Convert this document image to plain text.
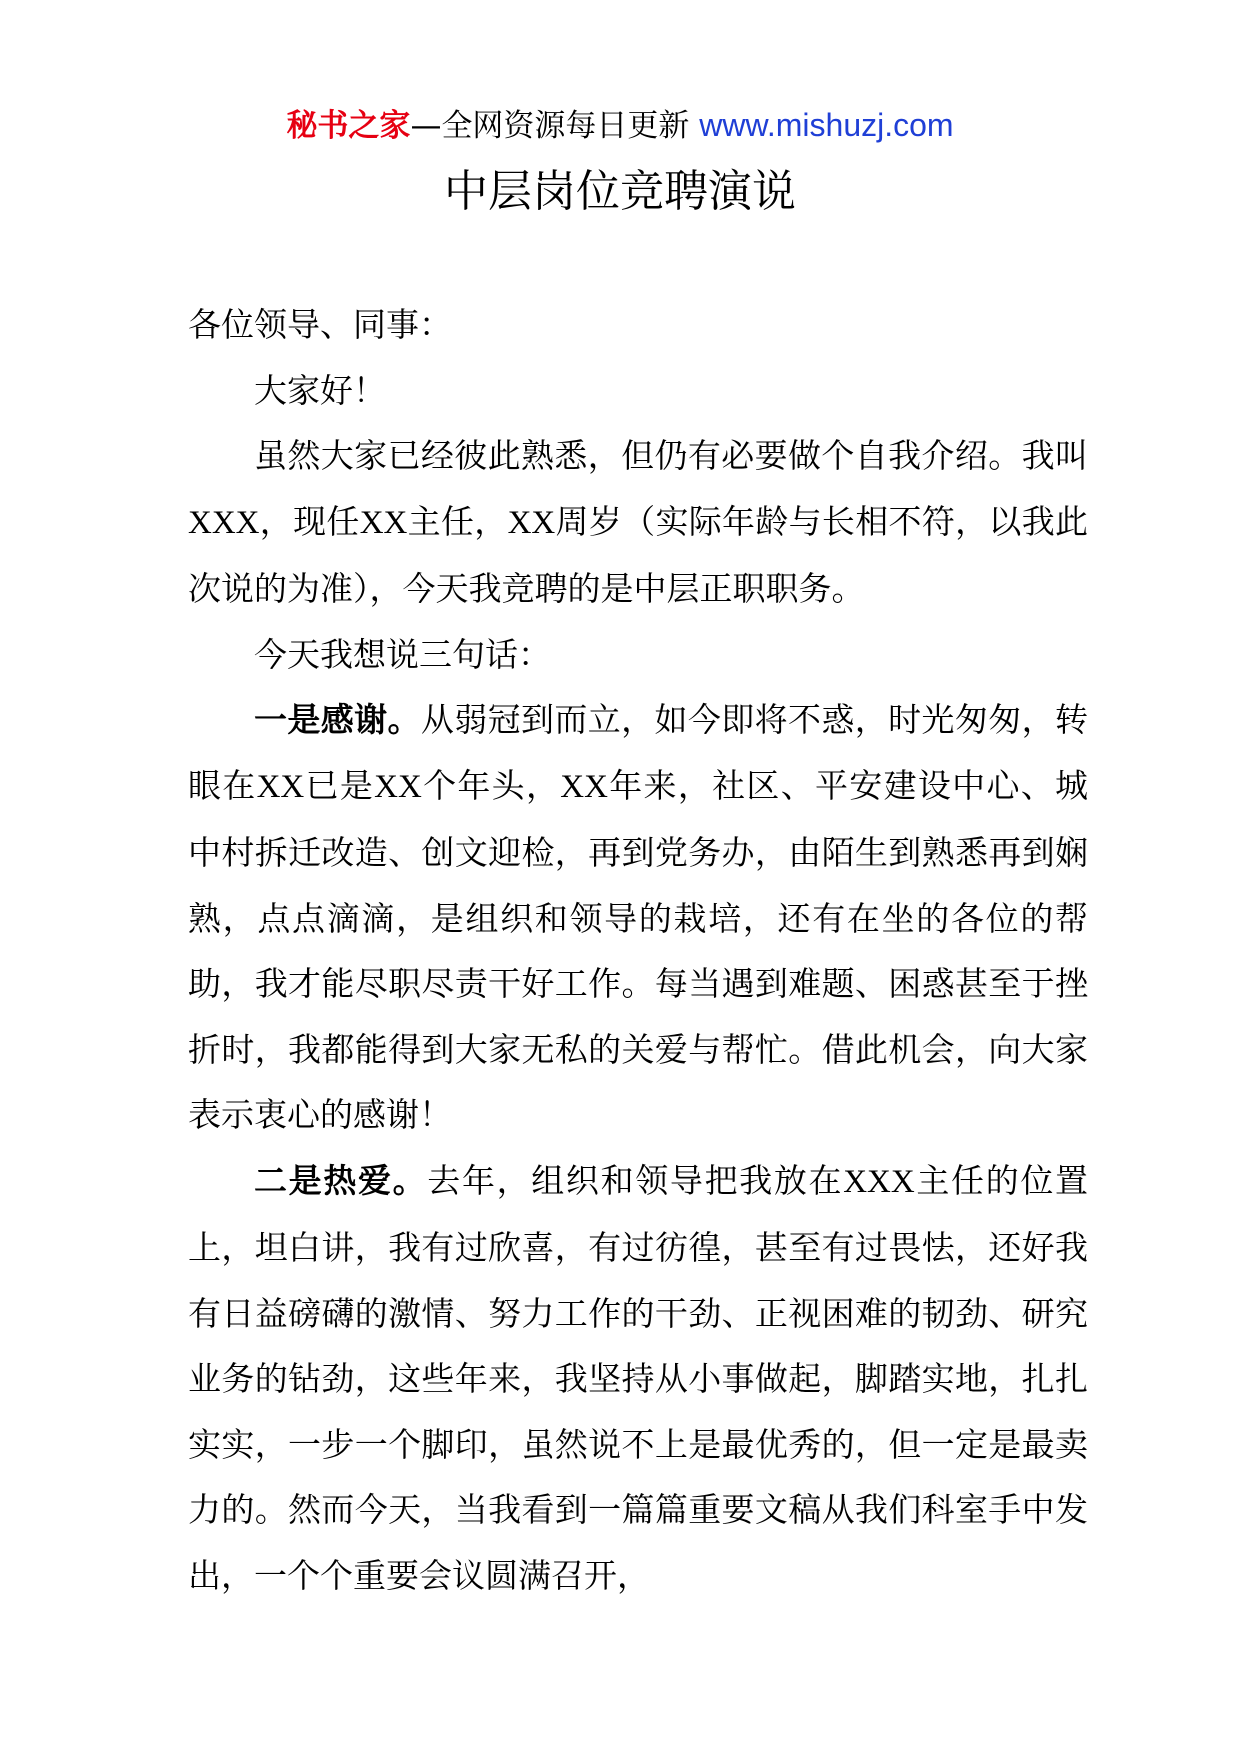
秘书之家—全网资源每日更新 www.mishuzj.com
中层岗位竞聘演说

各位领导、同事：

大家好！

虽然大家已经彼此熟悉，但仍有必要做个自我介绍。我叫XXX，现任XX主任，XX周岁（实际年龄与长相不符，以我此次说的为准），今天我竞聘的是中层正职职务。

今天我想说三句话：

一是感谢。从弱冠到而立，如今即将不惑，时光匆匆，转眼在XX已是XX个年头，XX年来，社区、平安建设中心、城中村拆迁改造、创文迎检，再到党务办，由陌生到熟悉再到娴熟，点点滴滴，是组织和领导的栽培，还有在坐的各位的帮助，我才能尽职尽责干好工作。每当遇到难题、困惑甚至于挫折时，我都能得到大家无私的关爱与帮忙。借此机会，向大家表示衷心的感谢！

二是热爱。去年，组织和领导把我放在XXX主任的位置上，坦白讲，我有过欣喜，有过彷徨，甚至有过畏怯，还好我有日益磅礴的激情、努力工作的干劲、正视困难的韧劲、研究业务的钻劲，这些年来，我坚持从小事做起，脚踏实地，扎扎实实，一步一个脚印，虽然说不上是最优秀的，但一定是最卖力的。然而今天，当我看到一篇篇重要文稿从我们科室手中发出，一个个重要会议圆满召开，
